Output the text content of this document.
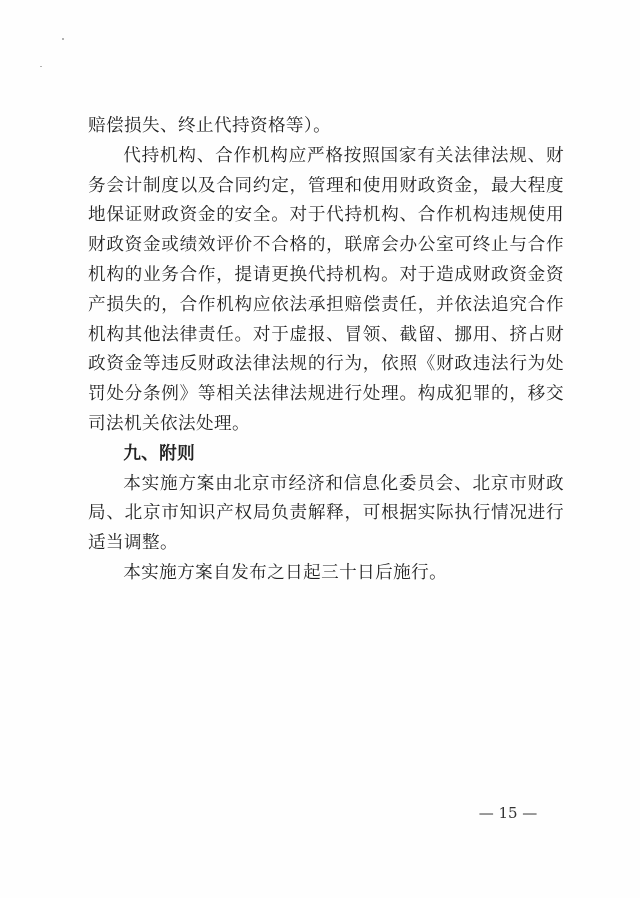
赔偿损失、终止代持资格等）。

代持机构、合作机构应严格按照国家有关法律法规、财务会计制度以及合同约定，管理和使用财政资金，最大程度地保证财政资金的安全。对于代持机构、合作机构违规使用财政资金或绩效评价不合格的，联席会办公室可终止与合作机构的业务合作，提请更换代持机构。对于造成财政资金资产损失的，合作机构应依法承担赔偿责任，并依法追究合作机构其他法律责任。对于虚报、冒领、截留、挪用、挤占财政资金等违反财政法律法规的行为，依照《财政违法行为处罚处分条例》等相关法律法规进行处理。构成犯罪的，移交司法机关依法处理。

九、附则

本实施方案由北京市经济和信息化委员会、北京市财政局、北京市知识产权局负责解释，可根据实际执行情况进行适当调整。

本实施方案自发布之日起三十日后施行。

— 15 —
